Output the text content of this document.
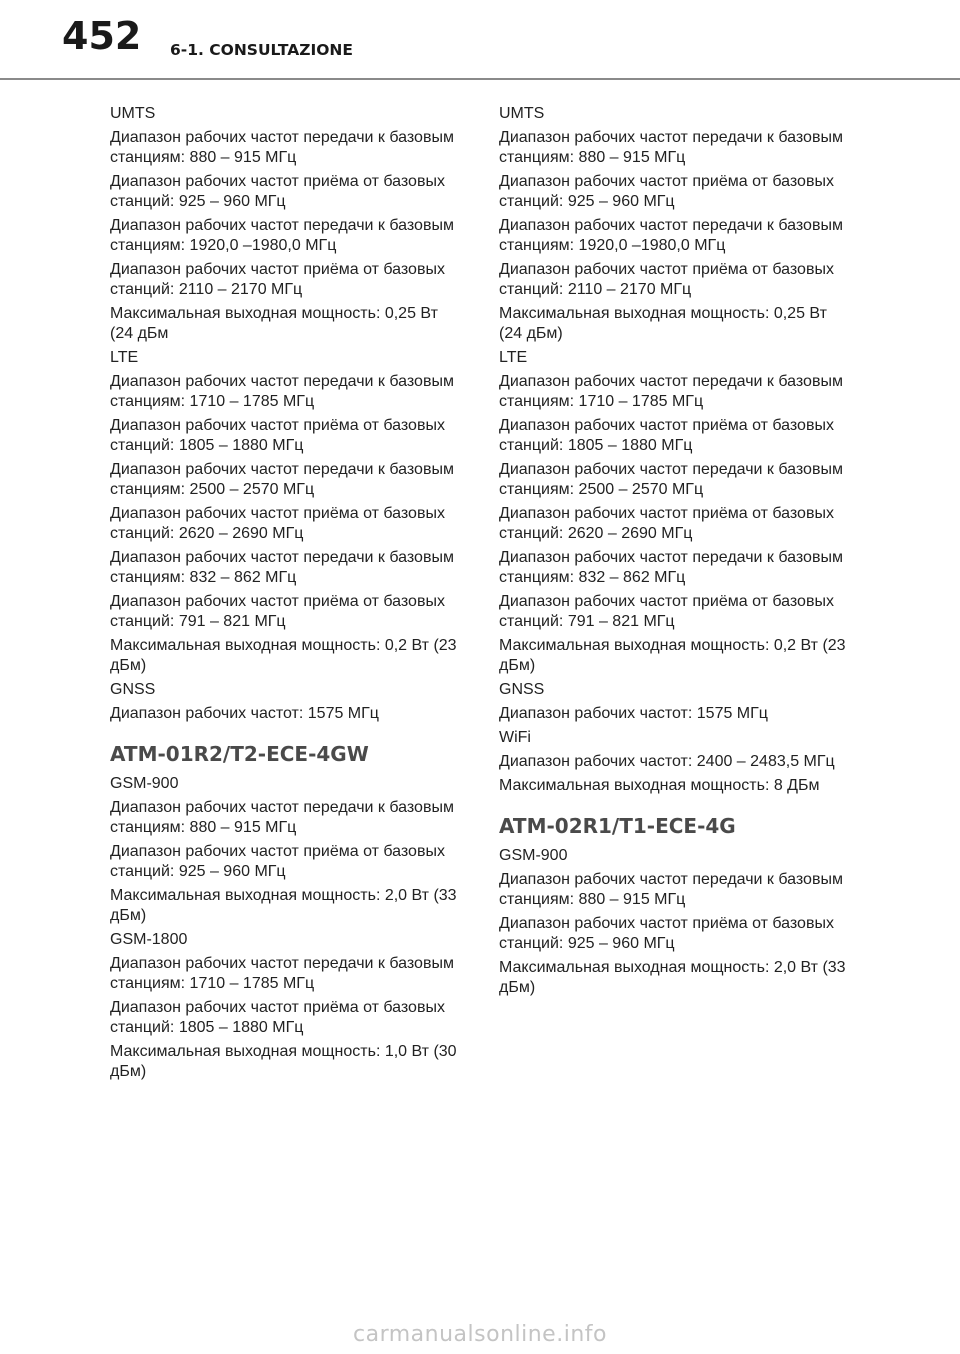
452 6-1. CONSULTAZIONE
UMTS
Диапазон рабочих частот передачи к базовым
станциям: 880 – 915 МГц
Диапазон рабочих частот приёма от базовых
станций: 925 – 960 МГц
Диапазон рабочих частот передачи к базовым
станциям: 1920,0 –1980,0 МГц
Диапазон рабочих частот приёма от базовых
станций: 2110 – 2170 МГц
Максимальная выходная мощность: 0,25 Вт
(24 дБм
LTE
Диапазон рабочих частот передачи к базовым
станциям: 1710 – 1785 МГц
Диапазон рабочих частот приёма от базовых
станций: 1805 – 1880 МГц
Диапазон рабочих частот передачи к базовым
станциям: 2500 – 2570 МГц
Диапазон рабочих частот приёма от базовых
станций: 2620 – 2690 МГц
Диапазон рабочих частот передачи к базовым
станциям: 832 – 862 МГц
Диапазон рабочих частот приёма от базовых
станций: 791 – 821 МГц
Максимальная выходная мощность: 0,2 Вт (23
дБм)
GNSS
Диапазон рабочих частот: 1575 МГц
ATM-01R2/T2-ECE-4GW
GSM-900
Диапазон рабочих частот передачи к базовым
станциям: 880 – 915 МГц
Диапазон рабочих частот приёма от базовых
станций: 925 – 960 МГц
Максимальная выходная мощность: 2,0 Вт (33
дБм)
GSM-1800
Диапазон рабочих частот передачи к базовым
станциям: 1710 – 1785 МГц
Диапазон рабочих частот приёма от базовых
станций: 1805 – 1880 МГц
Максимальная выходная мощность: 1,0 Вт (30
дБм)
UMTS
Диапазон рабочих частот передачи к базовым
станциям: 880 – 915 МГц
Диапазон рабочих частот приёма от базовых
станций: 925 – 960 МГц
Диапазон рабочих частот передачи к базовым
станциям: 1920,0 –1980,0 МГц
Диапазон рабочих частот приёма от базовых
станций: 2110 – 2170 МГц
Максимальная выходная мощность: 0,25 Вт
(24 дБм)
LTE
Диапазон рабочих частот передачи к базовым
станциям: 1710 – 1785 МГц
Диапазон рабочих частот приёма от базовых
станций: 1805 – 1880 МГц
Диапазон рабочих частот передачи к базовым
станциям: 2500 – 2570 МГц
Диапазон рабочих частот приёма от базовых
станций: 2620 – 2690 МГц
Диапазон рабочих частот передачи к базовым
станциям: 832 – 862 МГц
Диапазон рабочих частот приёма от базовых
станций: 791 – 821 МГц
Максимальная выходная мощность: 0,2 Вт (23
дБм)
GNSS
Диапазон рабочих частот: 1575 МГц
WiFi
Диапазон рабочих частот: 2400 – 2483,5 МГц
Максимальная выходная мощность: 8 ДБм
ATM-02R1/T1-ECE-4G
GSM-900
Диапазон рабочих частот передачи к базовым
станциям: 880 – 915 МГц
Диапазон рабочих частот приёма от базовых
станций: 925 – 960 МГц
Максимальная выходная мощность: 2,0 Вт (33
дБм)
carmanualsonline.info
